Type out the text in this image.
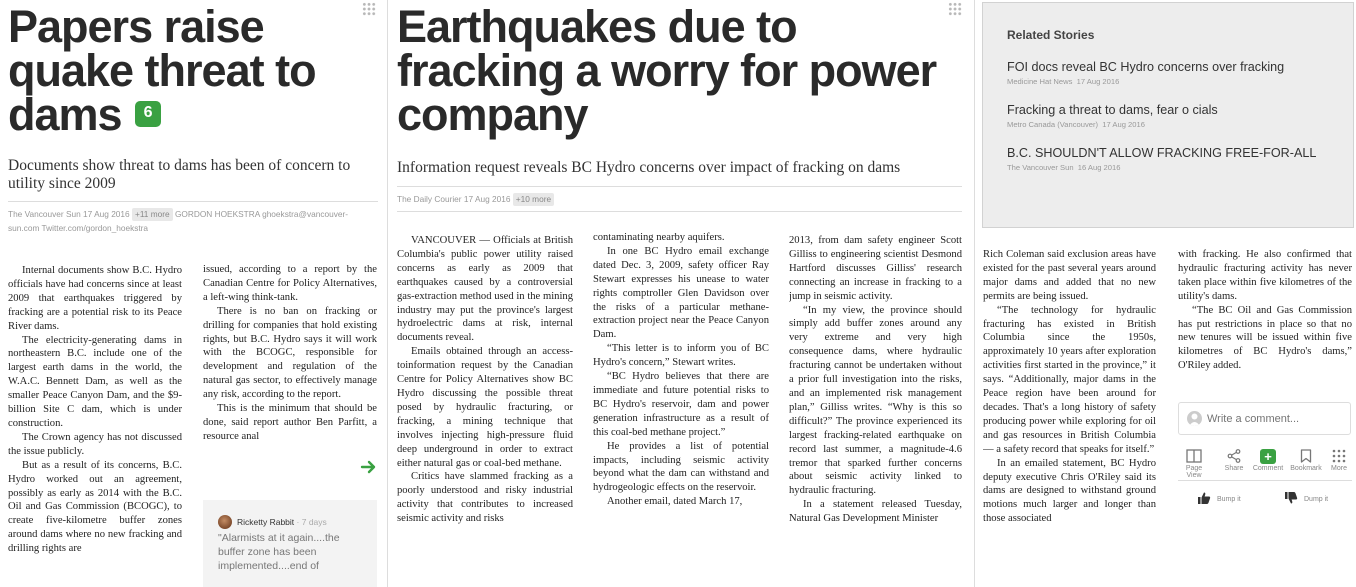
Papers raise
quake threat to
dams 6
Documents show threat to dams has been of concern to utility since 2009
The Vancouver Sun 17 Aug 2016 +11 more GORDON HOEKSTRA ghoekstra@vancouver-sun.com Twitter.com/gordon_hoekstra

Internal documents show B.C. Hydro officials have had concerns since at least 2009 that earthquakes triggered by fracking are a potential risk to its Peace River dams.

The electricity-generating dams in northeastern B.C. include one of the largest earth dams in the world, the W.A.C. Bennett Dam, as well as the smaller Peace Canyon Dam, and the $9-billion Site C dam, which is under construction.

The Crown agency has not discussed the issue publicly.

But as a result of its concerns, B.C. Hydro worked out an agreement, possibly as early as 2014 with the B.C. Oil and Gas Commission (BCOGC), to create five-kilometre buffer zones around dams where no new fracking and drilling rights are

issued, according to a report by the Canadian Centre for Policy Alternatives, a left-wing think-tank.

There is no ban on fracking or drilling for companies that hold existing rights, but B.C. Hydro says it will work with the BCOGC, responsible for development and regulation of the natural gas sector, to effectively manage any risk, according to the report.

This is the minimum that should be done, said report author Ben Parfitt, a resource anal

Ricketty Rabbit · 7 days
"Alarmists at it again....the buffer zone has been implemented....end of
Earthquakes due to
fracking a worry for power
company
Information request reveals BC Hydro concerns over impact of fracking on dams
The Daily Courier 17 Aug 2016 +10 more

VANCOUVER — Officials at British Columbia's public power utility raised concerns as early as 2009 that earthquakes caused by a controversial gas-extraction method used in the mining industry may put the province's largest hydroelectric dams at risk, internal documents reveal.

Emails obtained through an access-toinformation request by the Canadian Centre for Policy Alternatives show BC Hydro discussing the possible threat posed by hydraulic fracturing, or fracking, a mining technique that involves injecting high-pressure fluid deep underground in order to extract either natural gas or coal-bed methane.

Critics have slammed fracking as a poorly understood and risky industrial activity that contributes to increased seismic activity and risks

contaminating nearby aquifers.

In one BC Hydro email exchange dated Dec. 3, 2009, safety officer Ray Stewart expresses his unease to water rights comptroller Glen Davidson over the risks of a particular methane-extraction project near the Peace Canyon Dam.

“This letter is to inform you of BC Hydro's concern,” Stewart writes.

“BC Hydro believes that there are immediate and future potential risks to BC Hydro's reservoir, dam and power generation infrastructure as a result of this coal-bed methane project.”

He provides a list of potential impacts, including seismic activity beyond what the dam can withstand and hydrogeologic effects on the reservoir.

Another email, dated March 17,

2013, from dam safety engineer Scott Gilliss to engineering scientist Desmond Hartford discusses Gilliss' research connecting an increase in fracking to a jump in seismic activity.

“In my view, the province should simply add buffer zones around any very extreme and very high consequence dams, where hydraulic fracturing cannot be undertaken without a prior full investigation into the risks, and an implemented risk management plan,” Gilliss writes. “Why is this so difficult?” The province experienced its largest fracking-related earthquake on record last summer, a magnitude-4.6 tremor that sparked further concerns about seismic activity linked to hydraulic fracturing.

In a statement released Tuesday, Natural Gas Development Minister

Rich Coleman said exclusion areas have existed for the past several years around major dams and added that no new permits are being issued.

“The technology for hydraulic fracturing has existed in British Columbia since the 1950s, approximately 10 years after exploration activities first started in the province,” it says. “Additionally, major dams in the Peace region have been around for decades. That's a long history of safety producing power while exploring for oil and gas resources in British Columbia — a safety record that speaks for itself.”

In an emailed statement, BC Hydro deputy executive Chris O'Riley said its dams are designed to withstand ground motions much larger and longer than those associated

with fracking. He also confirmed that hydraulic fracturing activity has never taken place within five kilometres of the utility's dams.

“The BC Oil and Gas Commission has put restrictions in place so that no new tenures will be issued within five kilometres of BC Hydro's dams,” O'Riley added.

Related Stories
FOI docs reveal BC Hydro concerns over fracking
Medicine Hat News 17 Aug 2016
Fracking a threat to dams, fear o cials
Metro Canada (Vancouver) 17 Aug 2016
B.C. SHOULDN'T ALLOW FRACKING FREE-FOR-ALL
The Vancouver Sun 16 Aug 2016
Write a comment...
Page View
Share
+
Comment	Bookmark	More
Bump it	Dump it
